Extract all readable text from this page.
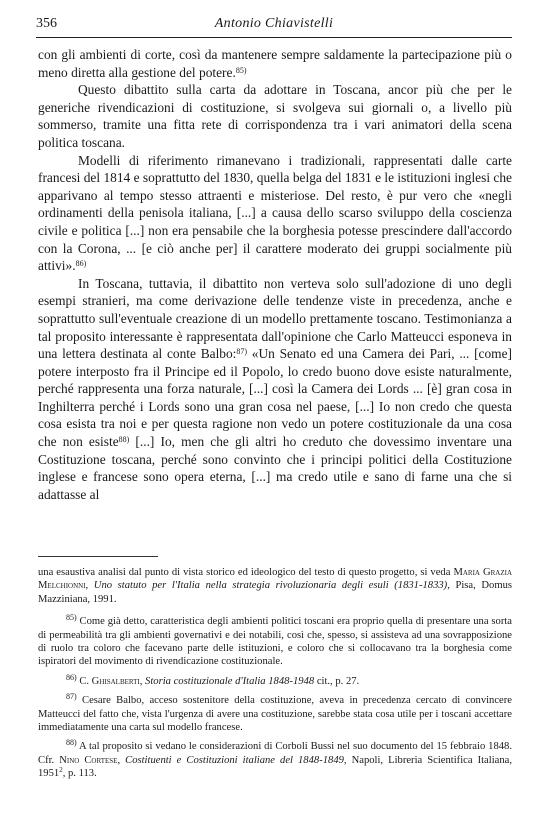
356	Antonio Chiavistelli

con gli ambienti di corte, così da mantenere sempre saldamente la partecipazione più o meno diretta alla gestione del potere.$^{85)}$

Questo dibattito sulla carta da adottare in Toscana, ancor più che per le generiche rivendicazioni di costituzione, si svolgeva sui giornali o, a livello più sommerso, tramite una fitta rete di corrispondenza tra i vari animatori della scena politica toscana.

Modelli di riferimento rimanevano i tradizionali, rappresentati dalle carte francesi del 1814 e soprattutto del 1830, quella belga del 1831 e le istituzioni inglesi che apparivano al tempo stesso attraenti e misteriose. Del resto, è pur vero che «negli ordinamenti della penisola italiana, [...] a causa dello scarso sviluppo della coscienza civile e politica [...] non era pensabile che la borghesia potesse prescindere dall'accordo con la Corona, ... [e ciò anche per] il carattere moderato dei gruppi socialmente più attivi».$^{86)}$

In Toscana, tuttavia, il dibattito non verteva solo sull'adozione di uno degli esempi stranieri, ma come derivazione delle tendenze viste in precedenza, anche e soprattutto sull'eventuale creazione di un modello prettamente toscano. Testimonianza a tal proposito interessante è rappresentata dall'opinione che Carlo Matteucci esponeva in una lettera destinata al conte Balbo:$^{87)}$ «Un Senato ed una Camera dei Pari, ... [come] potere interposto fra il Principe ed il Popolo, lo credo buono dove esiste naturalmente, perché rappresenta una forza naturale, [...] così la Camera dei Lords ... [è] gran cosa in Inghilterra perché i Lords sono una gran cosa nel paese, [...] Io non credo che questa cosa esista tra noi e per questa ragione non vedo un potere costituzionale da una cosa che non esiste$^{88)}$ [...] Io, men che gli altri ho creduto che dovessimo inventare una Costituzione toscana, perché sono convinto che i principi politici della Costituzione inglese e francese sono opera eterna, [...] ma credo utile e sano di farne una che si adattasse al

una esaustiva analisi dal punto di vista storico ed ideologico del testo di questo progetto, si veda Maria Grazia Melchionni, Uno statuto per l'Italia nella strategia rivoluzionaria degli esuli (1831-1833), Pisa, Domus Mazziniana, 1991.

$^{85)}$ Come già detto, caratteristica degli ambienti politici toscani era proprio quella di presentare una sorta di permeabilità tra gli ambienti governativi e dei notabili, così che, spesso, si assisteva ad una sovrapposizione di ruolo tra coloro che facevano parte delle istituzioni, e coloro che si collocavano tra la borghesia come ispiratori del movimento di rivendicazione costituzionale.

$^{86)}$ C. Ghisalberti, Storia costituzionale d'Italia 1848-1948 cit., p. 27.

$^{87)}$ Cesare Balbo, acceso sostenitore della costituzione, aveva in precedenza cercato di convincere Matteucci del fatto che, vista l'urgenza di avere una costituzione, sarebbe stata cosa utile per i toscani accettare immediatamente una carta sul modello francese.

$^{88)}$ A tal proposito si vedano le considerazioni di Corboli Bussi nel suo documento del 15 febbraio 1848. Cfr. Nino Cortese, Costituenti e Costituzioni italiane del 1848-1849, Napoli, Libreria Scientifica Italiana, 1951$^2$, p. 113.
